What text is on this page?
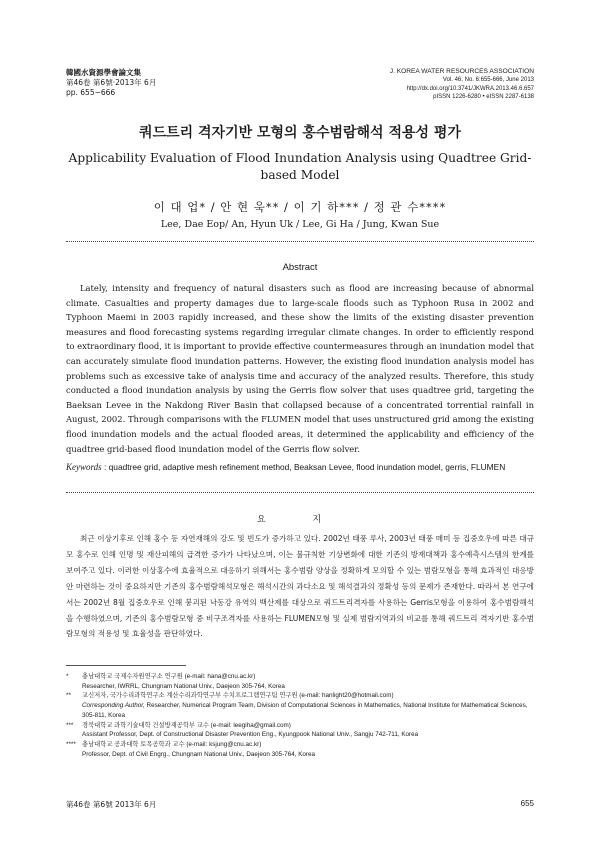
韓國水資源學會論文集
第46卷 第6號·2013年 6月
pp. 655~666
J. KOREA WATER RESOURCES ASSOCIATION
Vol. 46, No. 6:655-666, June 2013
http://dx.doi.org/10.3741/JKWRA.2013.46.6.657
pISSN 1226-6280 • eISSN 2287-6138
쿼드트리 격자기반 모형의 홍수범람해석 적용성 평가
Applicability Evaluation of Flood Inundation Analysis using Quadtree Grid-based Model
이 대 업* / 안 현 욱** / 이 기 하*** / 정 관 수****
Lee, Dae Eop/ An, Hyun Uk / Lee, Gi Ha / Jung, Kwan Sue
Abstract
Lately, intensity and frequency of natural disasters such as flood are increasing because of abnormal climate. Casualties and property damages due to large-scale floods such as Typhoon Rusa in 2002 and Typhoon Maemi in 2003 rapidly increased, and these show the limits of the existing disaster prevention measures and flood forecasting systems regarding irregular climate changes. In order to efficiently respond to extraordinary flood, it is important to provide effective countermeasures through an inundation model that can accurately simulate flood inundation patterns. However, the existing flood inundation analysis model has problems such as excessive take of analysis time and accuracy of the analyzed results. Therefore, this study conducted a flood inundation analysis by using the Gerris flow solver that uses quadtree grid, targeting the Baeksan Levee in the Nakdong River Basin that collapsed because of a concentrated torrential rainfall in August, 2002. Through comparisons with the FLUMEN model that uses unstructured grid among the existing flood inundation models and the actual flooded areas, it determined the applicability and efficiency of the quadtree grid-based flood inundation model of the Gerris flow solver.
Keywords : quadtree grid, adaptive mesh refinement method, Beaksan Levee, flood inundation model, gerris, FLUMEN
요 지
최근 이상기후로 인해 홍수 등 자연재해의 강도 및 빈도가 증가하고 있다. 2002년 태풍 루사, 2003년 태풍 매미 등 집중호우에 따른 대규모 홍수로 인해 인명 및 재산피해의 급격한 증가가 나타났으며, 이는 불규칙한 기상변화에 대한 기존의 방재대책과 홍수예측시스템의 한계를 보여주고 있다. 이러한 이상홍수에 효율적으로 대응하기 위해서는 홍수범람 양상을 정확하게 모의할 수 있는 범람모형을 통해 효과적인 대응방안 마련하는 것이 중요하지만 기존의 홍수범람해석모형은 해석시간의 과다소요 및 해석결과의 정확성 등의 문제가 존재한다. 따라서 본 연구에서는 2002년 8월 집중호우로 인해 붕괴된 낙동강 유역의 백산제를 대상으로 쿼드트리격자를 사용하는 Gerris모형을 이용하여 홍수범람해석을 수행하였으며, 기존의 홍수범람모형 중 비구조격자를 사용하는 FLUMEN모형 및 실제 범람지역과의 비교를 통해 쿼드트리 격자기반 홍수범람모형의 적용성 및 효율성을 판단하였다.
*	충남대학교 국제수자원연구소 연구원 (e-mail: hana@cnu.ac.kr)
Researcher, IWRRL, Chungnam National Univ., Daejeon 305-764, Korea
**	교신저자, 국가수리과학연구소 계산수리과학연구부 수치프로그램연구팀 연구원 (e-mail: hanlight20@hotmail.com)
Corresponding Author, Researcher, Numerical Program Team, Division of Computational Sciences in Mathematics, National Institute for Mathematical Sciences, 305-811, Korea
***	경북대학교 과학기술대학 건설방재공학부 교수 (e-mail: leegiha@gmail.com)
Assistant Professor, Dept. of Constructional Disaster Prevention Eng., Kyungpook National Univ., Sangju 742-711, Korea
**** 충남대학교 공과대학 토목공학과 교수 (e-mail: ksjung@cnu.ac.kr)
Professor, Dept. of Civil Engrg., Chungnam National Univ., Daejeon 305-764, Korea
第46卷 第6號 2013年 6月	655
